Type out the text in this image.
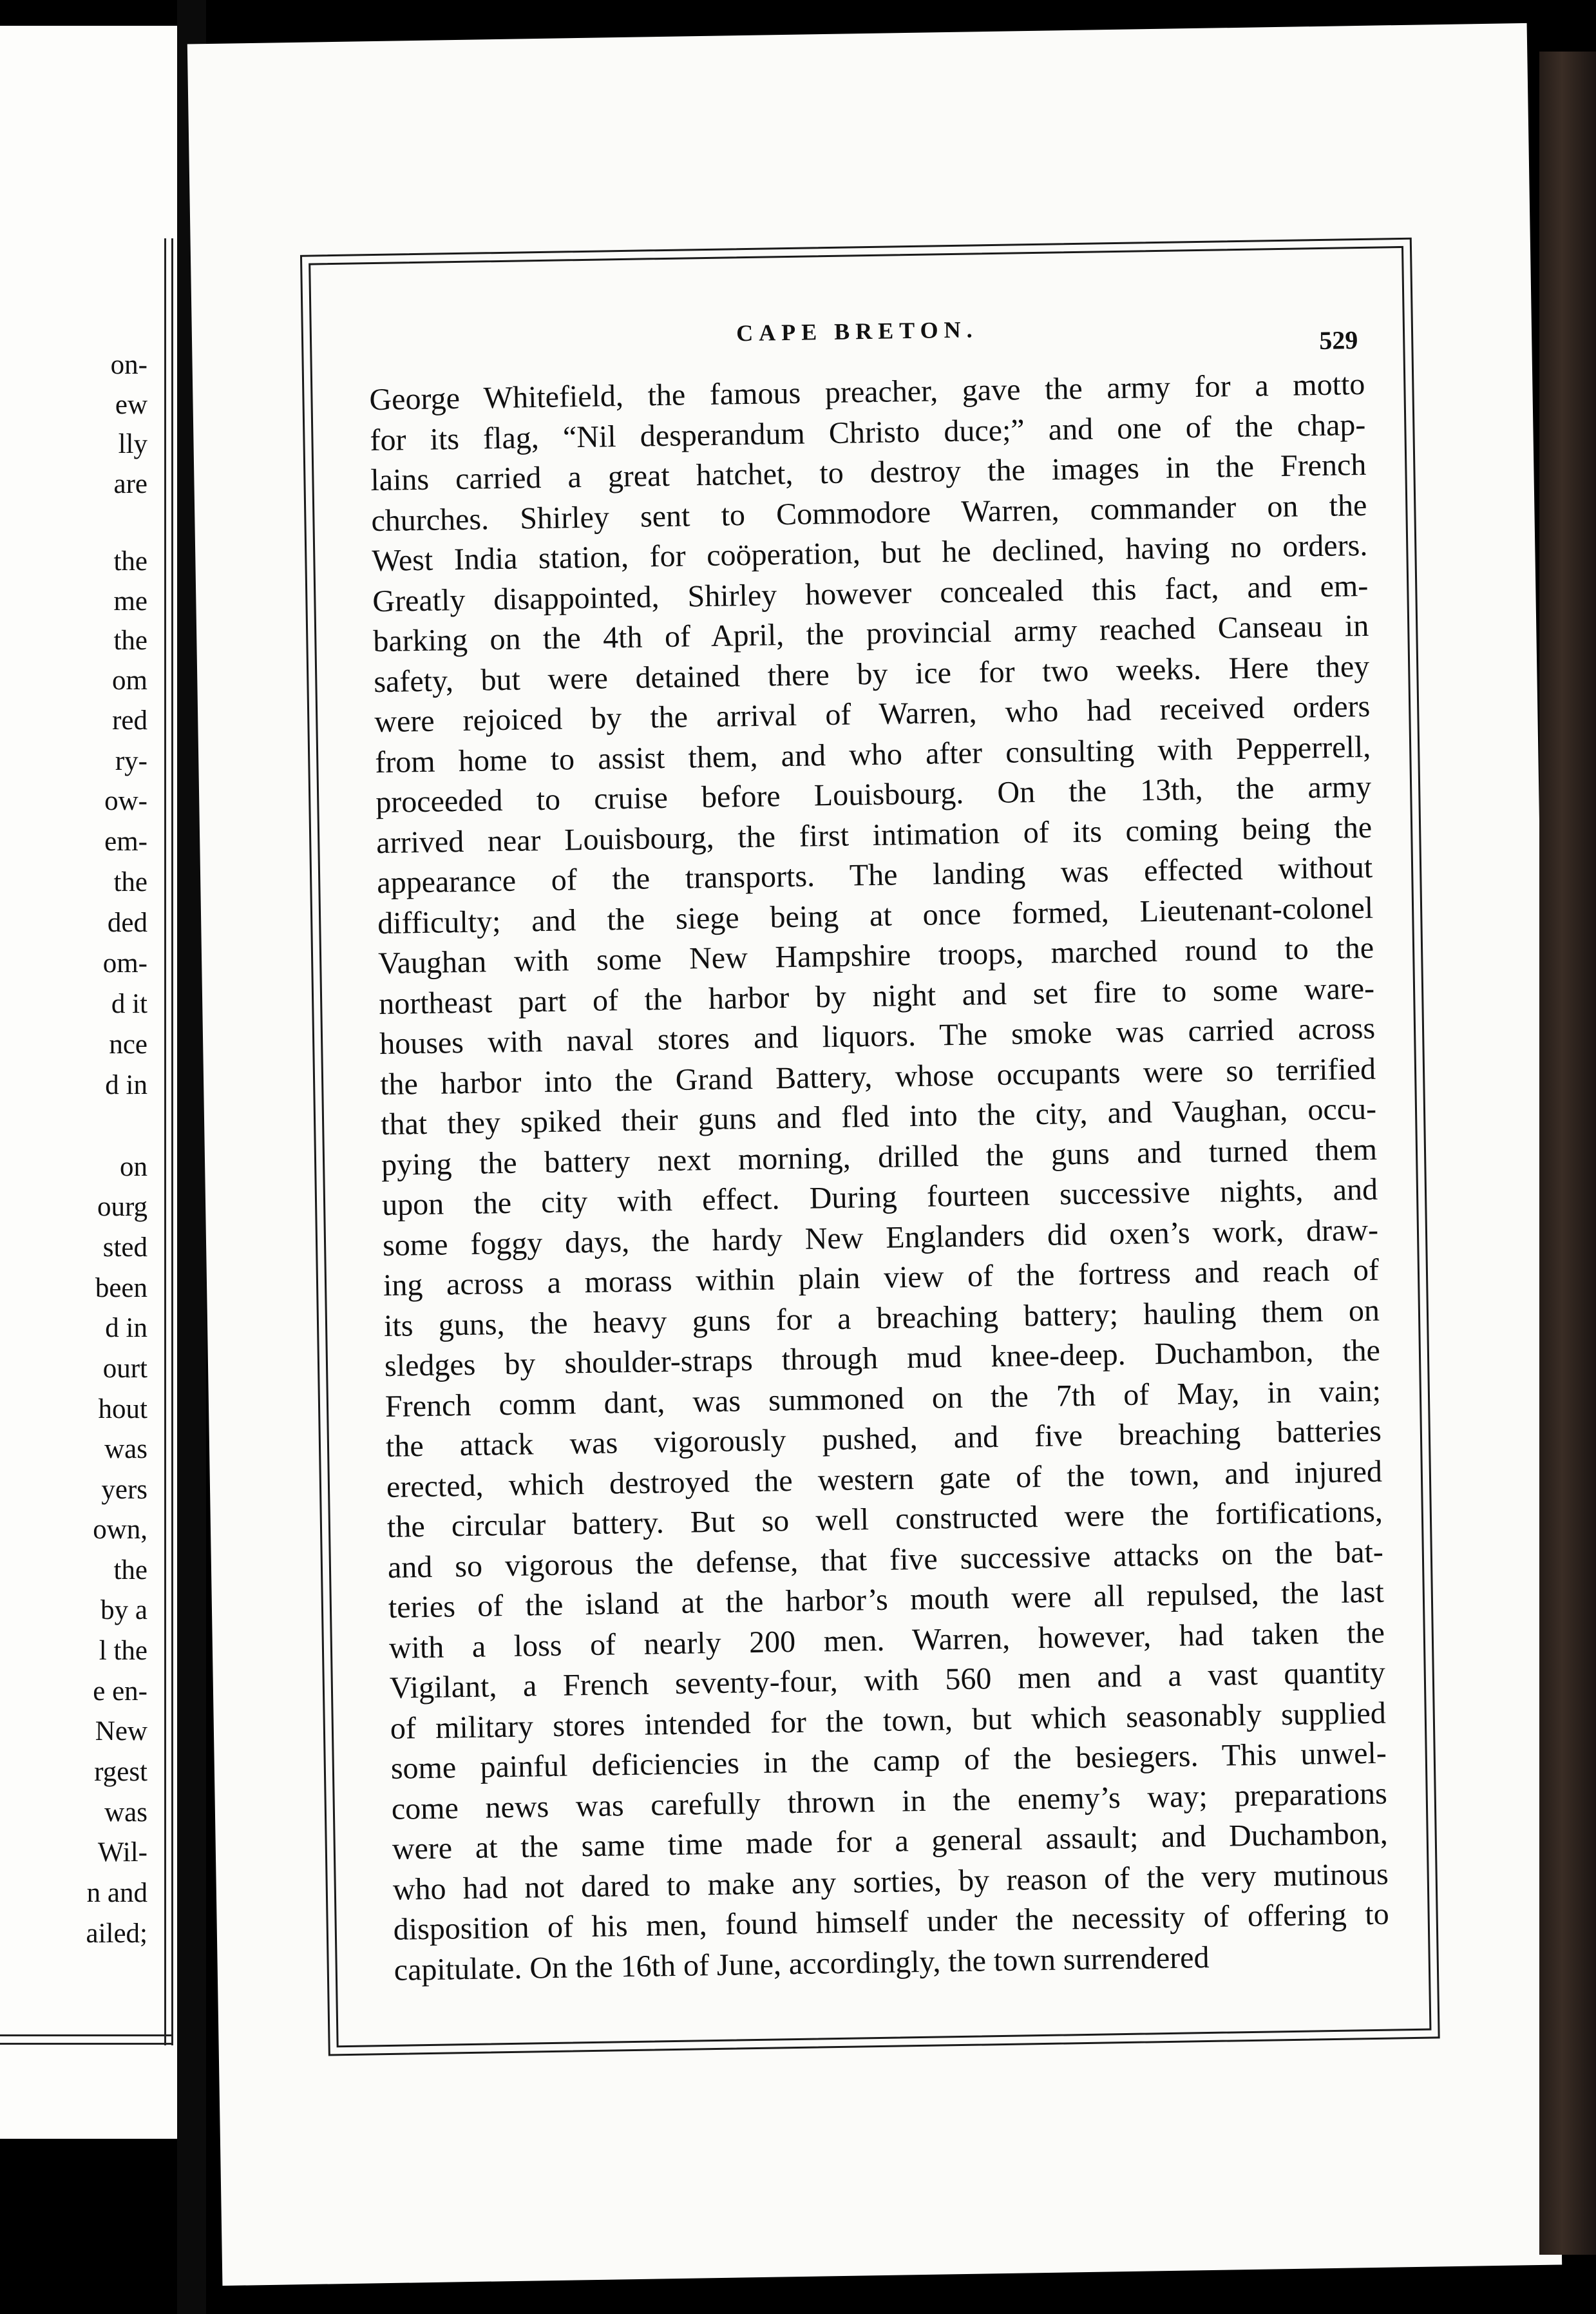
on-
ew
lly
are
the
me
the
om
red
ry-
ow-
em-
the
ded
om-
d it
nce
d in
on
ourg
sted
been
d in
ourt
hout
was
yers
own,
the
by a
l the
e en-
New
rgest
was
Wil-
n and
ailed;
CAPE BRETON.	529
George Whitefield, the famous preacher, gave the army for a motto
for its flag, “Nil desperandum Christo duce;” and one of the chap-
lains carried a great hatchet, to destroy the images in the French
churches. Shirley sent to Commodore Warren, commander on the
West India station, for coöperation, but he declined, having no orders.
Greatly disappointed, Shirley however concealed this fact, and em-
barking on the 4th of April, the provincial army reached Canseau in
safety, but were detained there by ice for two weeks. Here they
were rejoiced by the arrival of Warren, who had received orders
from home to assist them, and who after consulting with Pepperrell,
proceeded to cruise before Louisbourg. On the 13th, the army
arrived near Louisbourg, the first intimation of its coming being the
appearance of the transports. The landing was effected without
difficulty; and the siege being at once formed, Lieutenant-colonel
Vaughan with some New Hampshire troops, marched round to the
northeast part of the harbor by night and set fire to some ware-
houses with naval stores and liquors. The smoke was carried across
the harbor into the Grand Battery, whose occupants were so terrified
that they spiked their guns and fled into the city, and Vaughan, occu-
pying the battery next morning, drilled the guns and turned them
upon the city with effect. During fourteen successive nights, and
some foggy days, the hardy New Englanders did oxen’s work, draw-
ing across a morass within plain view of the fortress and reach of
its guns, the heavy guns for a breaching battery; hauling them on
sledges by shoulder-straps through mud knee-deep. Duchambon, the
French comm dant, was summoned on the 7th of May, in vain;
the attack was vigorously pushed, and five breaching batteries
erected, which destroyed the western gate of the town, and injured
the circular battery. But so well constructed were the fortifications,
and so vigorous the defense, that five successive attacks on the bat-
teries of the island at the harbor’s mouth were all repulsed, the last
with a loss of nearly 200 men. Warren, however, had taken the
Vigilant, a French seventy-four, with 560 men and a vast quantity
of military stores intended for the town, but which seasonably supplied
some painful deficiencies in the camp of the besiegers. This unwel-
come news was carefully thrown in the enemy’s way; preparations
were at the same time made for a general assault; and Duchambon,
who had not dared to make any sorties, by reason of the very mutinous
disposition of his men, found himself under the necessity of offering to
capitulate. On the 16th of June, accordingly, the town surrendered
